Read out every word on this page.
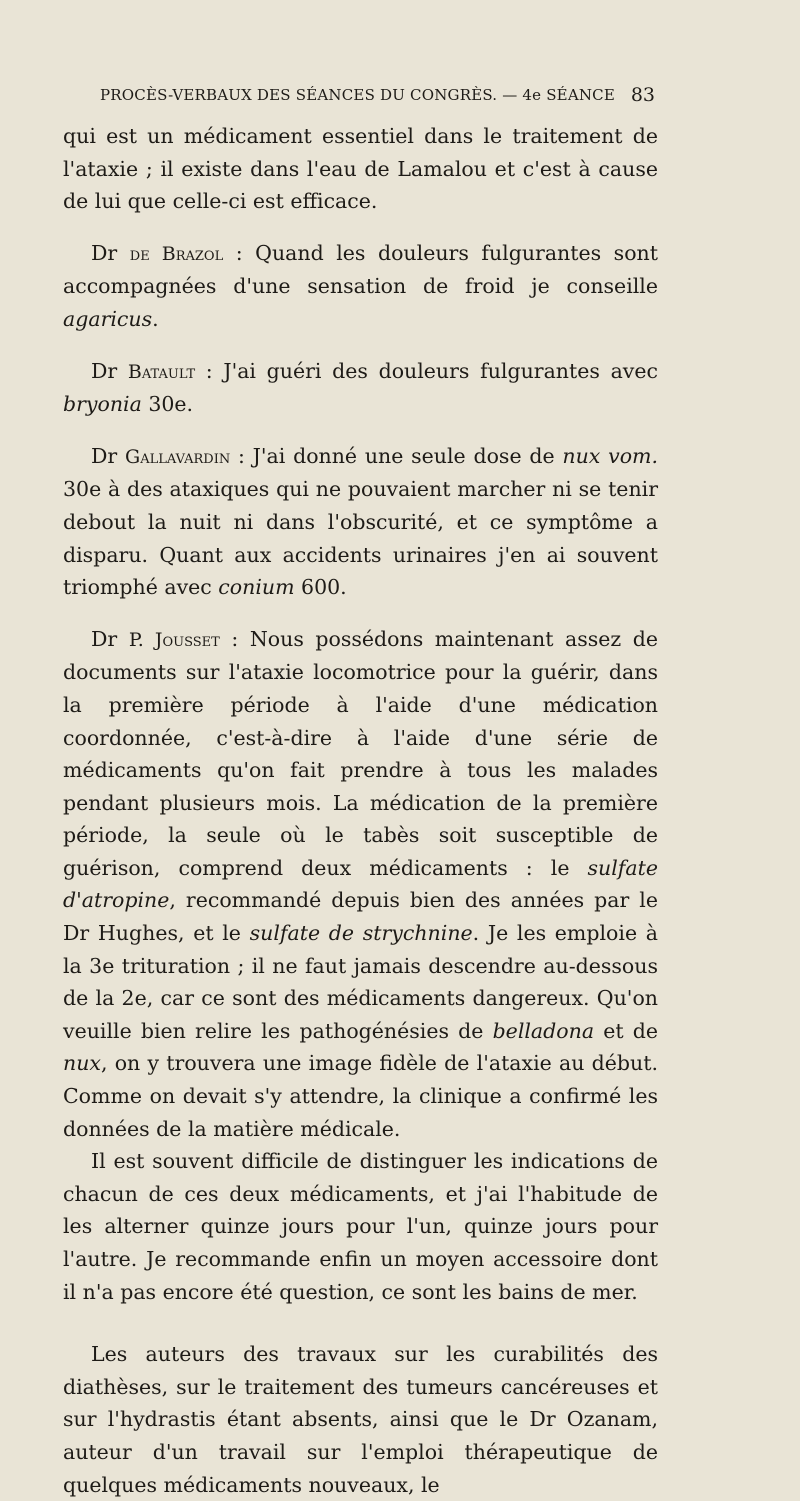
PROCÈS-VERBAUX DES SÉANCES DU CONGRÈS. — 4e SÉANCE 83

qui est un médicament essentiel dans le traitement de l'ataxie ; il existe dans l'eau de Lamalou et c'est à cause de lui que celle-ci est efficace.

Dr de Brazol : Quand les douleurs fulgurantes sont accompagnées d'une sensation de froid je conseille agaricus.

Dr Batault : J'ai guéri des douleurs fulgurantes avec bryonia 30e.

Dr Gallavardin : J'ai donné une seule dose de nux vom. 30e à des ataxiques qui ne pouvaient marcher ni se tenir debout la nuit ni dans l'obscurité, et ce symptôme a disparu. Quant aux accidents urinaires j'en ai souvent triomphé avec conium 600.

Dr P. Jousset : Nous possédons maintenant assez de documents sur l'ataxie locomotrice pour la guérir, dans la première période à l'aide d'une médication coordonnée, c'est-à-dire à l'aide d'une série de médicaments qu'on fait prendre à tous les malades pendant plusieurs mois. La médication de la première période, la seule où le tabès soit susceptible de guérison, comprend deux médicaments : le sulfate d'atropine, recommandé depuis bien des années par le Dr Hughes, et le sulfate de strychnine. Je les emploie à la 3e trituration ; il ne faut jamais descendre au-dessous de la 2e, car ce sont des médicaments dangereux. Qu'on veuille bien relire les pathogénésies de belladona et de nux, on y trouvera une image fidèle de l'ataxie au début. Comme on devait s'y attendre, la clinique a confirmé les données de la matière médicale.

Il est souvent difficile de distinguer les indications de chacun de ces deux médicaments, et j'ai l'habitude de les alterner quinze jours pour l'un, quinze jours pour l'autre. Je recommande enfin un moyen accessoire dont il n'a pas encore été question, ce sont les bains de mer.

Les auteurs des travaux sur les curabilités des diathèses, sur le traitement des tumeurs cancéreuses et sur l'hydrastis étant absents, ainsi que le Dr Ozanam, auteur d'un travail sur l'emploi thérapeutique de quelques médicaments nouveaux, le
